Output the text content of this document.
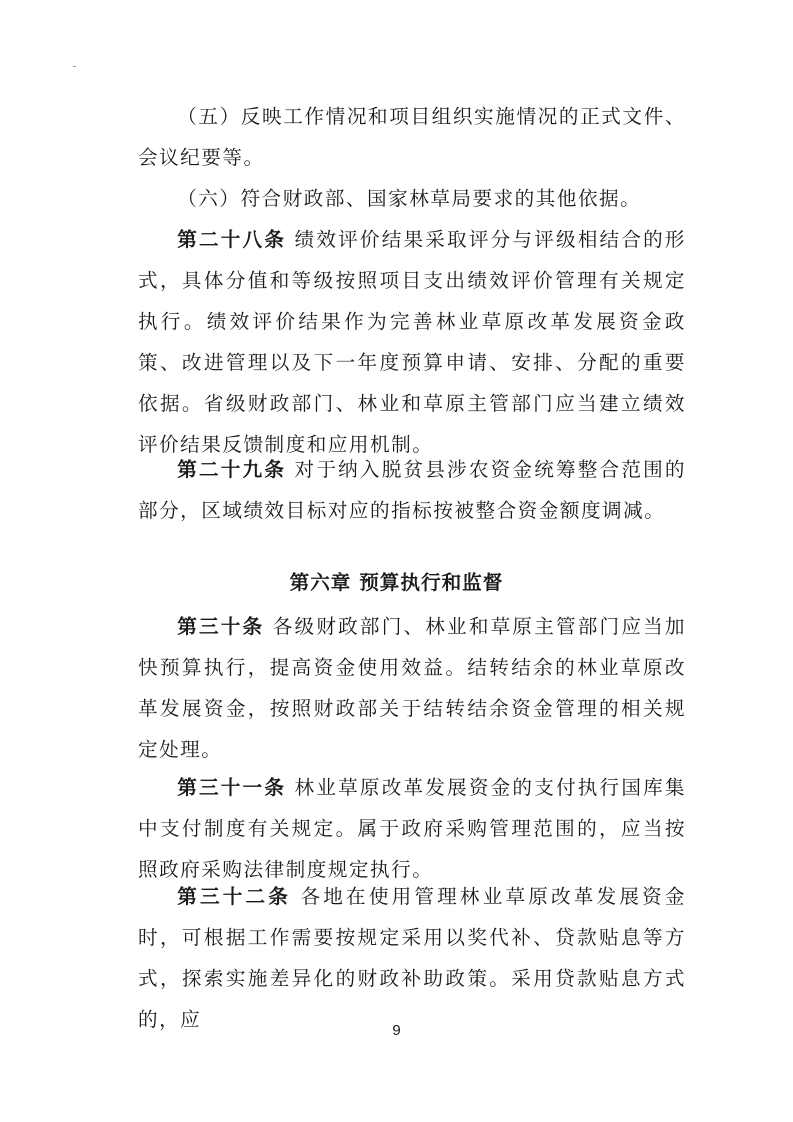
（五）反映工作情况和项目组织实施情况的正式文件、会议纪要等。

（六）符合财政部、国家林草局要求的其他依据。

第二十八条 绩效评价结果采取评分与评级相结合的形式，具体分值和等级按照项目支出绩效评价管理有关规定执行。绩效评价结果作为完善林业草原改革发展资金政策、改进管理以及下一年度预算申请、安排、分配的重要依据。省级财政部门、林业和草原主管部门应当建立绩效评价结果反馈制度和应用机制。

第二十九条 对于纳入脱贫县涉农资金统筹整合范围的部分，区域绩效目标对应的指标按被整合资金额度调减。

第六章 预算执行和监督

第三十条 各级财政部门、林业和草原主管部门应当加快预算执行，提高资金使用效益。结转结余的林业草原改革发展资金，按照财政部关于结转结余资金管理的相关规定处理。

第三十一条 林业草原改革发展资金的支付执行国库集中支付制度有关规定。属于政府采购管理范围的，应当按照政府采购法律制度规定执行。

第三十二条 各地在使用管理林业草原改革发展资金时，可根据工作需要按规定采用以奖代补、贷款贴息等方式，探索实施差异化的财政补助政策。采用贷款贴息方式的，应	9
